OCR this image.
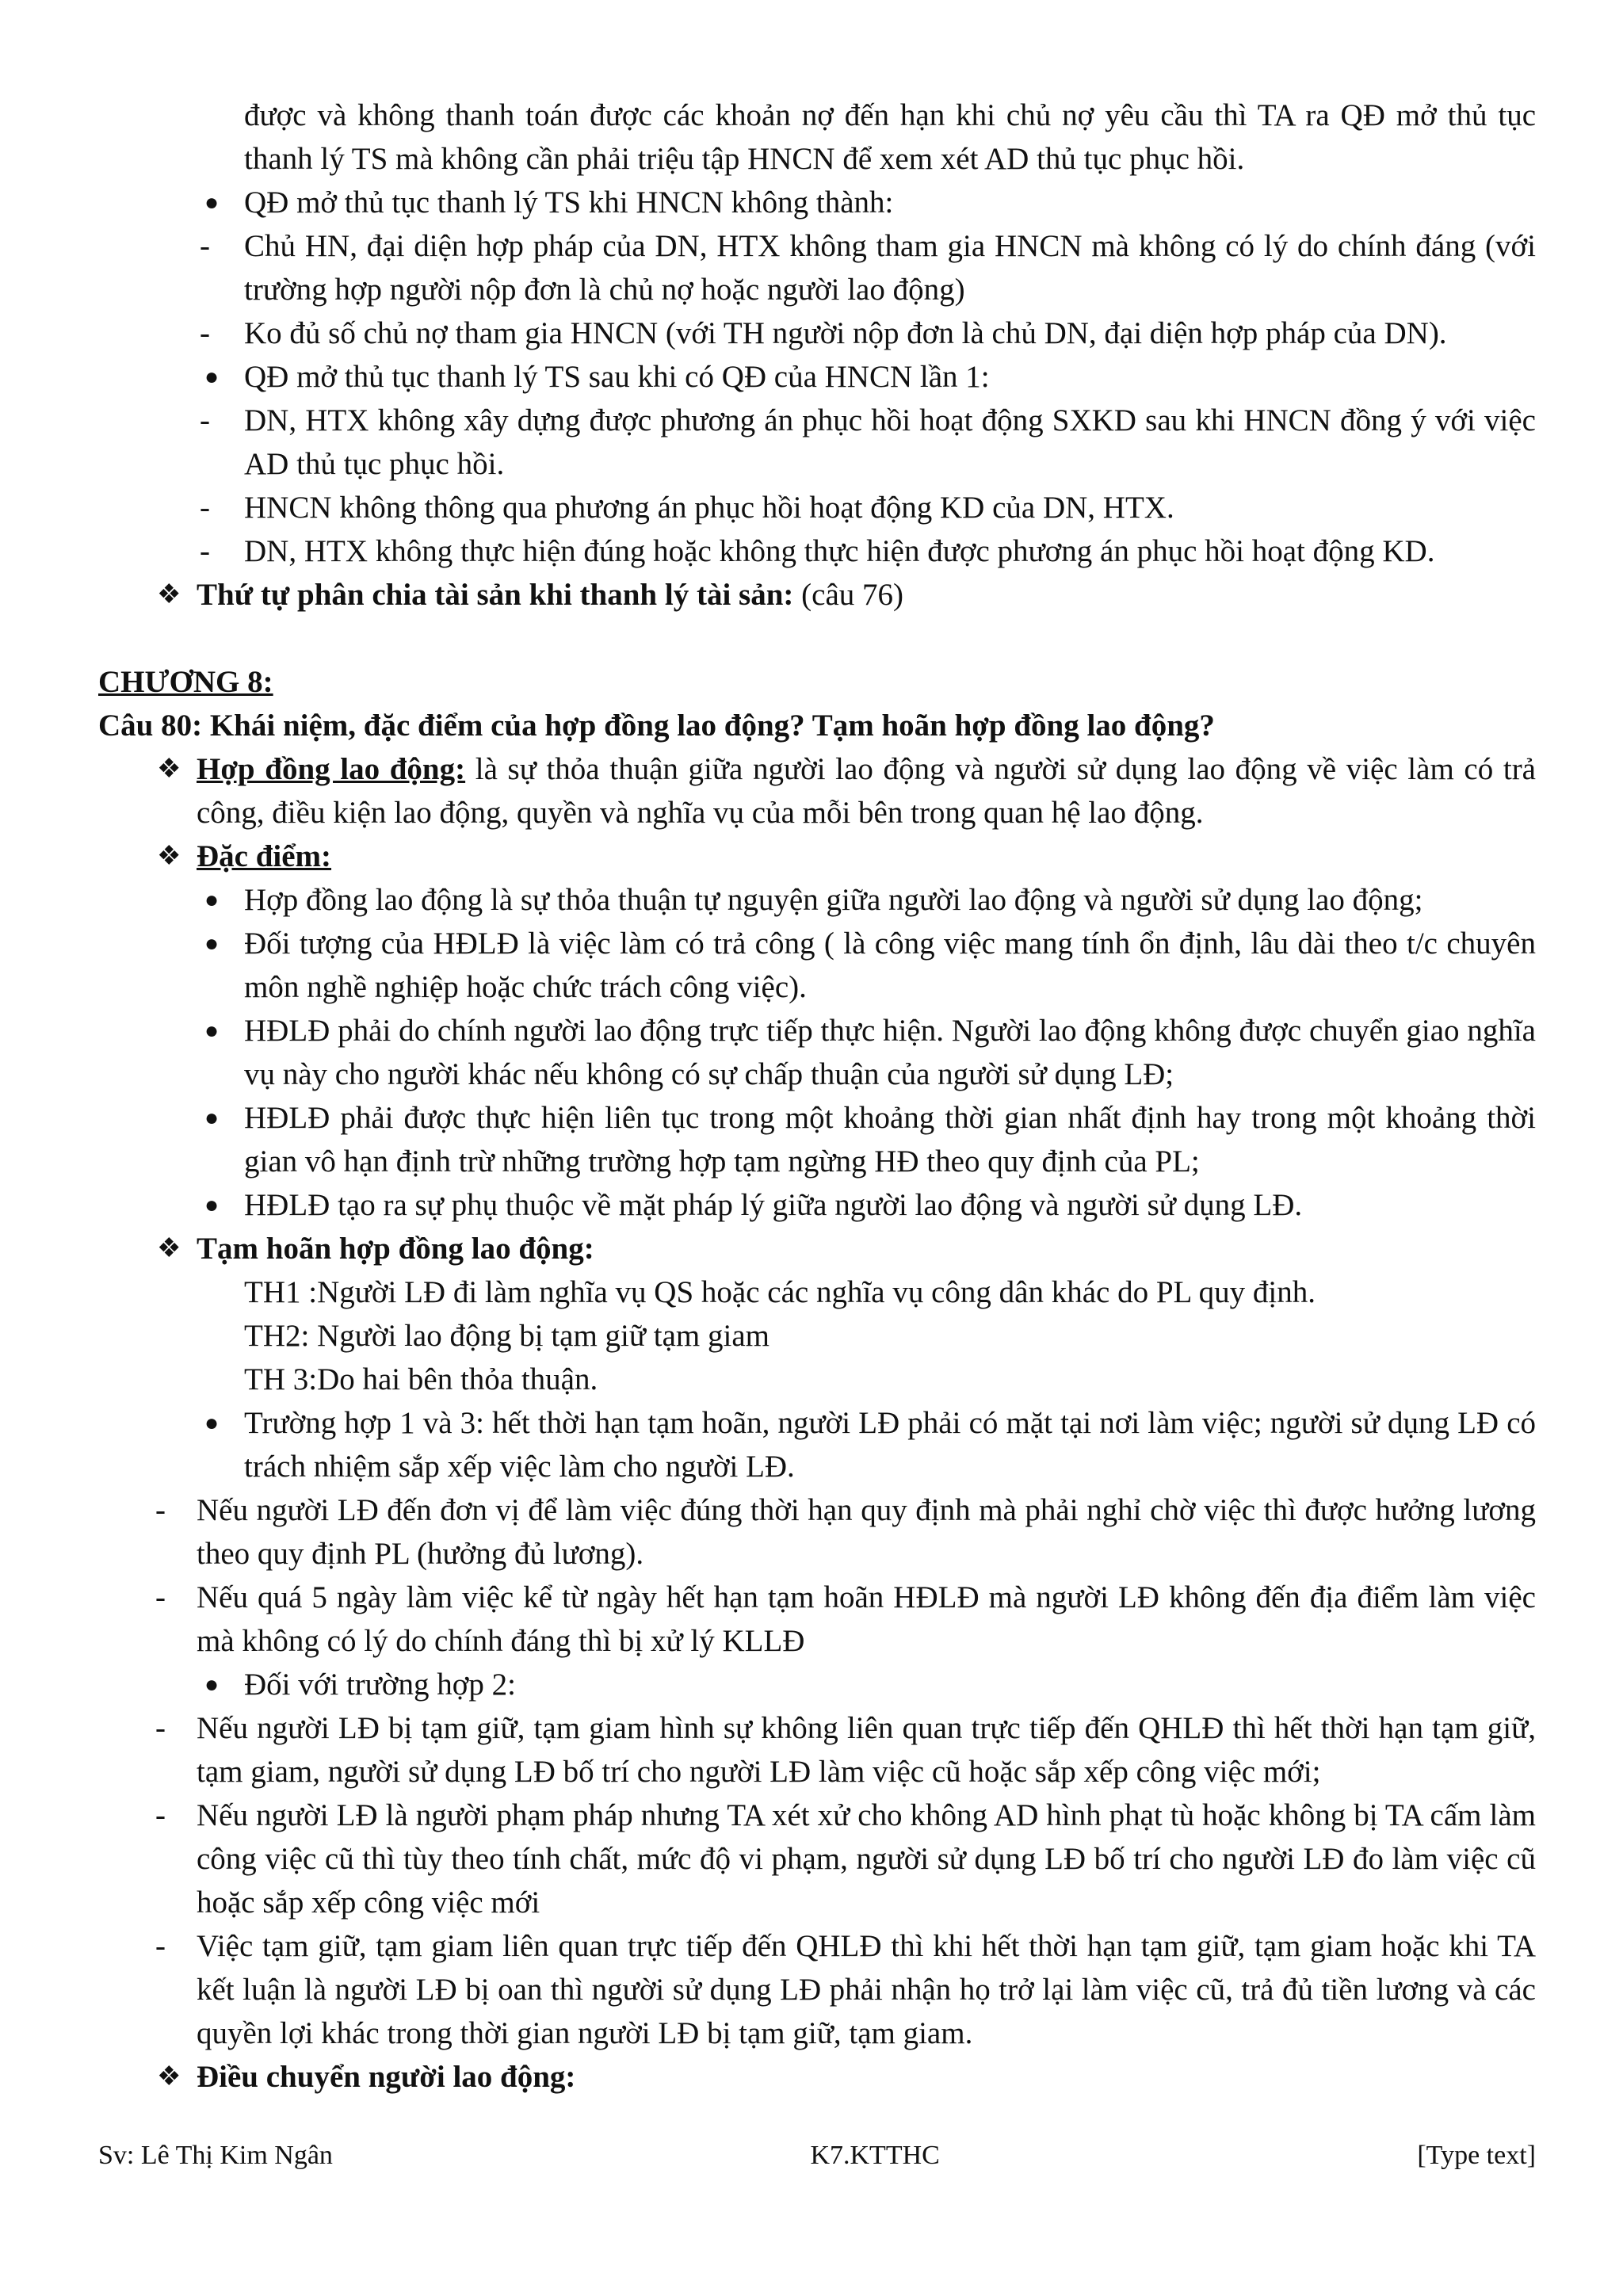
được và không thanh toán được các khoản nợ đến hạn khi chủ nợ yêu cầu thì TA ra QĐ mở thủ tục thanh lý TS mà không cần phải triệu tập HNCN để xem xét AD thủ tục phục hồi.
● QĐ mở thủ tục thanh lý TS khi HNCN không thành:
- Chủ HN, đại diện hợp pháp của DN, HTX không tham gia HNCN mà không có lý do chính đáng (với trường hợp người nộp đơn là chủ nợ hoặc người lao động)
- Ko đủ số chủ nợ tham gia HNCN (với TH người nộp đơn là chủ DN, đại diện hợp pháp của DN).
● QĐ mở thủ tục thanh lý TS sau khi có QĐ của HNCN lần 1:
- DN, HTX không xây dựng được phương án phục hồi hoạt động SXKD sau khi HNCN đồng ý với việc AD thủ tục phục hồi.
- HNCN không thông qua phương án phục hồi hoạt động KD của DN, HTX.
- DN, HTX không thực hiện đúng hoặc không thực hiện được phương án phục hồi hoạt động KD.
❖ Thứ tự phân chia tài sản khi thanh lý tài sản: (câu 76)
CHƯƠNG 8:
Câu 80: Khái niệm, đặc điểm của hợp đồng lao động? Tạm hoãn hợp đồng lao động?
❖ Hợp đồng lao động: là sự thỏa thuận giữa người lao động và người sử dụng lao động về việc làm có trả công, điều kiện lao động, quyền và nghĩa vụ của mỗi bên trong quan hệ lao động.
❖ Đặc điểm:
● Hợp đồng lao động là sự thỏa thuận tự nguyện giữa người lao động và người sử dụng lao động;
● Đối tượng của HĐLĐ là việc làm có trả công ( là công việc mang tính ổn định, lâu dài theo t/c chuyên môn nghề nghiệp hoặc chức trách công việc).
● HĐLĐ phải do chính người lao động trực tiếp thực hiện. Người lao động không được chuyển giao nghĩa vụ này cho người khác nếu không có sự chấp thuận của người sử dụng LĐ;
● HĐLĐ phải được thực hiện liên tục trong một khoảng thời gian nhất định hay trong một khoảng thời gian vô hạn định trừ những trường hợp tạm ngừng HĐ theo quy định của PL;
● HĐLĐ tạo ra sự phụ thuộc về mặt pháp lý giữa người lao động và người sử dụng LĐ.
❖ Tạm hoãn hợp đồng lao động:
TH1 :Người LĐ đi làm nghĩa vụ QS hoặc các nghĩa vụ công dân khác do PL quy định.
TH2: Người lao động bị tạm giữ tạm giam
TH 3:Do hai bên thỏa thuận.
● Trường hợp 1 và 3: hết thời hạn tạm hoãn, người LĐ phải có mặt tại nơi làm việc; người sử dụng LĐ có trách nhiệm sắp xếp việc làm cho người LĐ.
- Nếu người LĐ đến đơn vị để làm việc đúng thời hạn quy định mà phải nghỉ chờ việc thì được hưởng lương theo quy định PL (hưởng đủ lương).
- Nếu quá 5 ngày làm việc kể từ ngày hết hạn tạm hoãn HĐLĐ mà người LĐ không đến địa điểm làm việc mà không có lý do chính đáng thì bị xử lý KLLĐ
● Đối với trường hợp 2:
- Nếu người LĐ bị tạm giữ, tạm giam hình sự không liên quan trực tiếp đến QHLĐ thì hết thời hạn tạm giữ, tạm giam, người sử dụng LĐ bố trí cho người LĐ làm việc cũ hoặc sắp xếp công việc mới;
- Nếu người LĐ là người phạm pháp nhưng TA xét xử cho không AD hình phạt tù hoặc không bị TA cấm làm công việc cũ thì tùy theo tính chất, mức độ vi phạm, người sử dụng LĐ bố trí cho người LĐ đo làm việc cũ hoặc sắp xếp công việc mới
- Việc tạm giữ, tạm giam liên quan trực tiếp đến QHLĐ thì khi hết thời hạn tạm giữ, tạm giam hoặc khi TA kết luận là người LĐ bị oan thì người sử dụng LĐ phải nhận họ trở lại làm việc cũ, trả đủ tiền lương và các quyền lợi khác trong thời gian người LĐ bị tạm giữ, tạm giam.
❖ Điều chuyển người lao động:
Sv: Lê Thị Kim Ngân	K7.KTTHC	[Type text]
